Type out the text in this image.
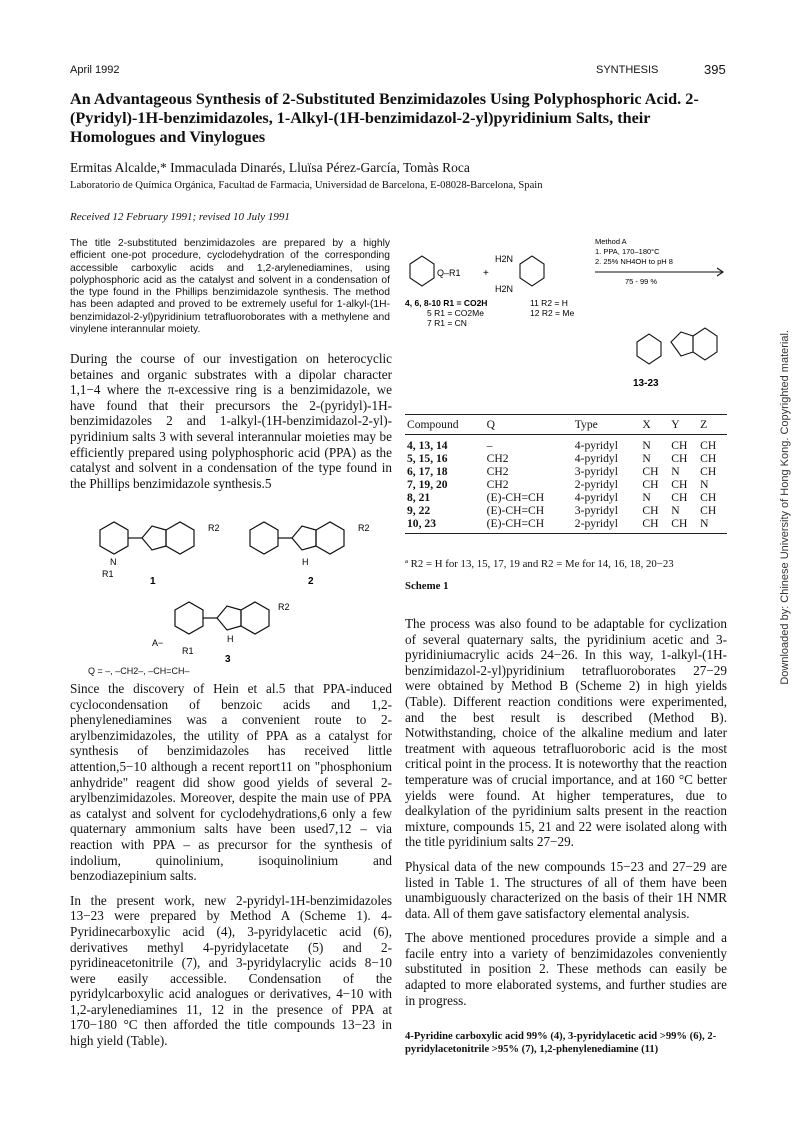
April 1992	SYNTHESIS	395
An Advantageous Synthesis of 2-Substituted Benzimidazoles Using Polyphosphoric Acid. 2-(Pyridyl)-1H-benzimidazoles, 1-Alkyl-(1H-benzimidazol-2-yl)pyridinium Salts, their Homologues and Vinylogues
Ermitas Alcalde,* Immaculada Dinarés, Lluïsa Pérez-García, Tomàs Roca
Laboratorio de Química Orgánica, Facultad de Farmacia, Universidad de Barcelona, E-08028-Barcelona, Spain
Received 12 February 1991; revised 10 July 1991
The title 2-substituted benzimidazoles are prepared by a highly efficient one-pot procedure, cyclodehydration of the corresponding accessible carboxylic acids and 1,2-arylenediamines, using polyphosphoric acid as the catalyst and solvent in a condensation of the type found in the Phillips benzimidazole synthesis. The method has been adapted and proved to be extremely useful for 1-alkyl-(1H-benzimidazol-2-yl)pyridinium tetrafluoroborates with a methylene and vinylene interannular moiety.

During the course of our investigation on heterocyclic betaines and organic substrates with a dipolar character 1,1−4 where the π-excessive ring is a benzimidazole, we have found that their precursors the 2-(pyridyl)-1H-benzimidazoles 2 and 1-alkyl-(1H-benzimidazol-2-yl)-pyridinium salts 3 with several interannular moieties may be efficiently prepared using polyphosphoric acid (PPA) as the catalyst and solvent in a condensation of the type found in the Phillips benzimidazole synthesis.5

R2
N
R1
R2
H
1	2
R2
A−
R1
H
3
Q = –, –CH2–, –CH=CH–

Since the discovery of Hein et al.5 that PPA-induced cyclocondensation of benzoic acids and 1,2-phenylenediamines was a convenient route to 2-arylbenzimidazoles, the utility of PPA as a catalyst for synthesis of benzimidazoles has received little attention,5−10 although a recent report11 on "phosphonium anhydride" reagent did show good yields of several 2-arylbenzimidazoles. Moreover, despite the main use of PPA as catalyst and solvent for cyclodehydrations,6 only a few quaternary ammonium salts have been used7,12 – via reaction with PPA – as precursor for the synthesis of indolium, quinolinium, isoquinolinium and benzodiazepinium salts.

In the present work, new 2-pyridyl-1H-benzimidazoles 13−23 were prepared by Method A (Scheme 1). 4-Pyridinecarboxylic acid (4), 3-pyridylacetic acid (6), derivatives methyl 4-pyridylacetate (5) and 2-pyridineacetonitrile (7), and 3-pyridylacrylic acids 8−10 were easily accessible. Condensation of the pyridylcarboxylic acid analogues or derivatives, 4−10 with 1,2-arylenediamines 11, 12 in the presence of PPA at 170−180 °C then afforded the title compounds 13−23 in high yield (Table).

Q–R1 +
H2N
H2N
Method A
1. PPA, 170–180°C
2. 25% NH4OH to pH 8
75 - 99 %
4, 6, 8-10 R1 = CO2H
5 R1 = CO2Me
7 R1 = CN
11 R2 = H
12 R2 = Me
13-23
Compound	Q	Type	X	Y	Z
4, 13, 14	–	4-pyridyl	N	CH	CH
5, 15, 16	CH2	4-pyridyl	N	CH	CH
6, 17, 18	CH2	3-pyridyl	CH	N	CH
7, 19, 20	CH2	2-pyridyl	CH	CH	N
8, 21	(E)-CH=CH	4-pyridyl	N	CH	CH
9, 22	(E)-CH=CH	3-pyridyl	CH	N	CH
10, 23	(E)-CH=CH	2-pyridyl	CH	CH	N
ª R2 = H for 13, 15, 17, 19 and R2 = Me for 14, 16, 18, 20−23
Scheme 1

The process was also found to be adaptable for cyclization of several quaternary salts, the pyridinium acetic and 3-pyridiniumacrylic acids 24−26. In this way, 1-alkyl-(1H-benzimidazol-2-yl)pyridinium tetrafluoroborates 27−29 were obtained by Method B (Scheme 2) in high yields (Table). Different reaction conditions were experimented, and the best result is described (Method B). Notwithstanding, choice of the alkaline medium and later treatment with aqueous tetrafluoroboric acid is the most critical point in the process. It is noteworthy that the reaction temperature was of crucial importance, and at 160 °C better yields were found. At higher temperatures, due to dealkylation of the pyridinium salts present in the reaction mixture, compounds 15, 21 and 22 were isolated along with the title pyridinium salts 27−29.

Physical data of the new compounds 15−23 and 27−29 are listed in Table 1. The structures of all of them have been unambiguously characterized on the basis of their 1H NMR data. All of them gave satisfactory elemental analysis.

The above mentioned procedures provide a simple and a facile entry into a variety of benzimidazoles conveniently substituted in position 2. These methods can easily be adapted to more elaborated systems, and further studies are in progress.

4-Pyridine carboxylic acid 99% (4), 3-pyridylacetic acid >99% (6), 2-pyridylacetonitrile >95% (7), 1,2-phenylenediamine (11)
Downloaded by: Chinese University of Hong Kong. Copyrighted material.
